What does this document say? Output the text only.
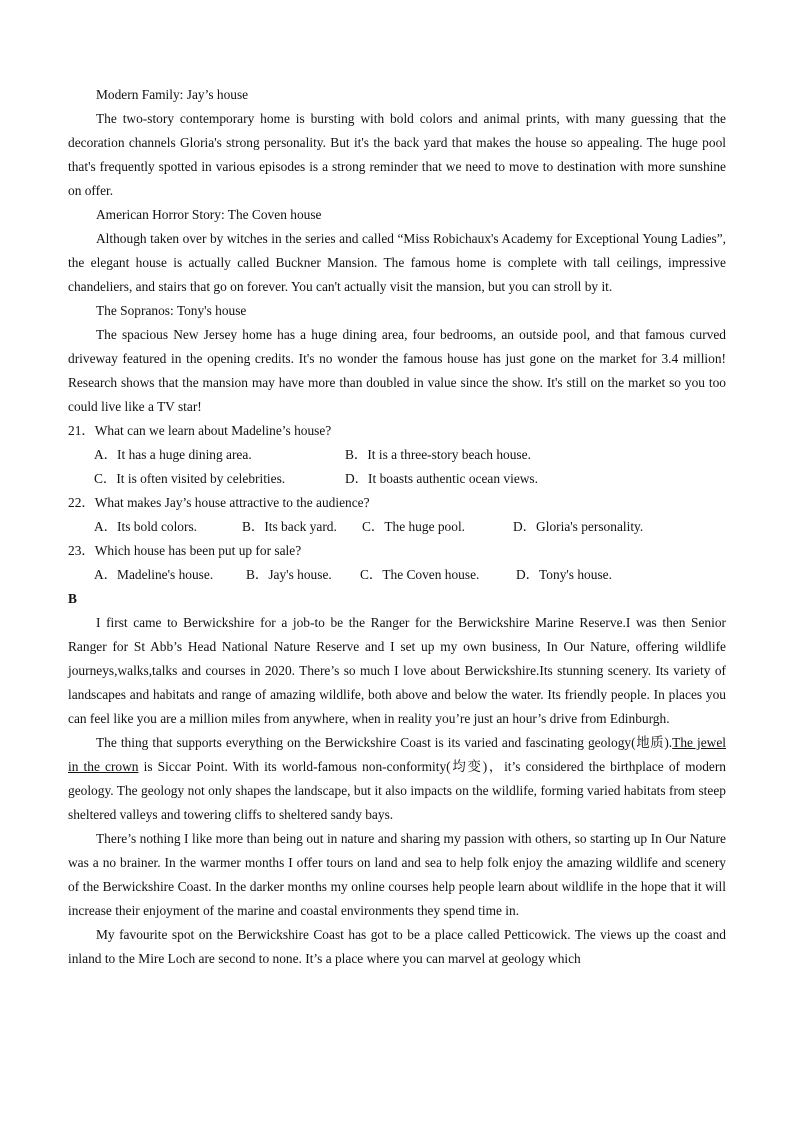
Modern Family: Jay’s house

The two-story contemporary home is bursting with bold colors and animal prints, with many guessing that the decoration channels Gloria's strong personality. But it's the back yard that makes the house so appealing. The huge pool that's frequently spotted in various episodes is a strong reminder that we need to move to destination with more sunshine on offer.

American Horror Story: The Coven house

Although taken over by witches in the series and called “Miss Robichaux's Academy for Exceptional Young Ladies”, the elegant house is actually called Buckner Mansion. The famous home is complete with tall ceilings, impressive chandeliers, and stairs that go on forever. You can't actually visit the mansion, but you can stroll by it.

The Sopranos: Tony's house

The spacious New Jersey home has a huge dining area, four bedrooms, an outside pool, and that famous curved driveway featured in the opening credits. It's no wonder the famous house has just gone on the market for 3.4 million! Research shows that the mansion may have more than doubled in value since the show. It's still on the market so you too could live like a TV star!

21．What can we learn about Madeline’s house?

A．It has a huge dining area.	B．It is a three-story beach house.
C．It is often visited by celebrities.	D．It boasts authentic ocean views.

22．What makes Jay’s house attractive to the audience?

A．Its bold colors.	B．Its back yard.	C．The huge pool.	D．Gloria's personality.

23．Which house has been put up for sale?

A．Madeline's house.	B．Jay's house.	C．The Coven house.	D．Tony's house.

B

I first came to Berwickshire for a job-to be the Ranger for the Berwickshire Marine Reserve.I was then Senior Ranger for St Abb’s Head National Nature Reserve and I set up my own business, In Our Nature, offering wildlife journeys,walks,talks and courses in 2020. There’s so much I love about Berwickshire.Its stunning scenery. Its variety of landscapes and habitats and range of amazing wildlife, both above and below the water. Its friendly people. In places you can feel like you are a million miles from anywhere, when in reality you’re just an hour’s drive from Edinburgh.

The thing that supports everything on the Berwickshire Coast is its varied and fascinating geology(地质).The jewel in the crown is Siccar Point. With its world-famous non-conformity(均变)，it’s considered the birthplace of modern geology. The geology not only shapes the landscape, but it also impacts on the wildlife, forming varied habitats from steep sheltered valleys and towering cliffs to sheltered sandy bays.

There’s nothing I like more than being out in nature and sharing my passion with others, so starting up In Our Nature was a no brainer. In the warmer months I offer tours on land and sea to help folk enjoy the amazing wildlife and scenery of the Berwickshire Coast. In the darker months my online courses help people learn about wildlife in the hope that it will increase their enjoyment of the marine and coastal environments they spend time in.

My favourite spot on the Berwickshire Coast has got to be a place called Petticowick. The views up the coast and inland to the Mire Loch are second to none. It’s a place where you can marvel at geology which
